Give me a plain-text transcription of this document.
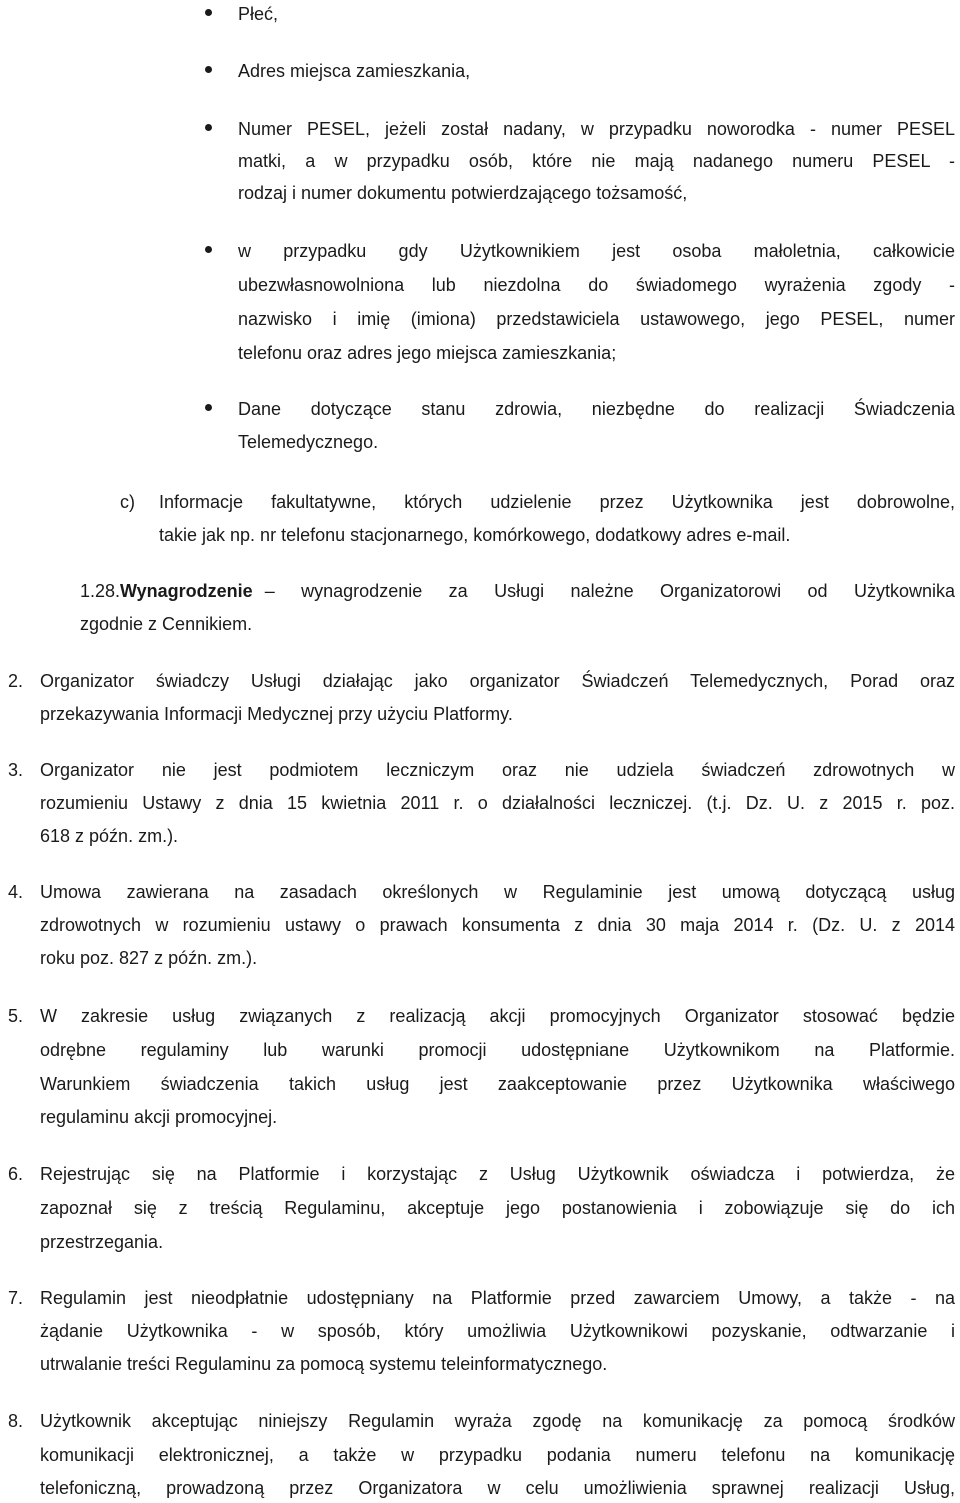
Płeć,
Adres miejsca zamieszkania,
Numer PESEL, jeżeli został nadany, w przypadku noworodka - numer PESEL
matki, a w przypadku osób, które nie mają nadanego numeru PESEL -
rodzaj i numer dokumentu potwierdzającego tożsamość,
w przypadku gdy Użytkownikiem jest osoba małoletnia, całkowicie
ubezwłasnowolniona lub niezdolna do świadomego wyrażenia zgody -
nazwisko i imię (imiona) przedstawiciela ustawowego, jego PESEL, numer
telefonu oraz adres jego miejsca zamieszkania;
Dane dotyczące stanu zdrowia, niezbędne do realizacji Świadczenia
Telemedycznego.
c) Informacje fakultatywne, których udzielenie przez Użytkownika jest dobrowolne,
takie jak np. nr telefonu stacjonarnego, komórkowego, dodatkowy adres e-mail.
1.28. Wynagrodzenie – wynagrodzenie za Usługi należne Organizatorowi od Użytkownika
zgodnie z Cennikiem.
2. Organizator świadczy Usługi działając jako organizator Świadczeń Telemedycznych, Porad oraz
przekazywania Informacji Medycznej przy użyciu Platformy.
3. Organizator nie jest podmiotem leczniczym oraz nie udziela świadczeń zdrowotnych w
rozumieniu Ustawy z dnia 15 kwietnia 2011 r. o działalności leczniczej. (t.j. Dz. U. z 2015 r. poz.
618 z późn. zm.).
4. Umowa zawierana na zasadach określonych w Regulaminie jest umową dotyczącą usług
zdrowotnych w rozumieniu ustawy o prawach konsumenta z dnia 30 maja 2014 r. (Dz. U. z 2014
roku poz. 827 z późn. zm.).
5. W zakresie usług związanych z realizacją akcji promocyjnych Organizator stosować będzie
odrębne regulaminy lub warunki promocji udostępniane Użytkownikom na Platformie.
Warunkiem świadczenia takich usług jest zaakceptowanie przez Użytkownika właściwego
regulaminu akcji promocyjnej.
6. Rejestrując się na Platformie i korzystając z Usług Użytkownik oświadcza i potwierdza, że
zapoznał się z treścią Regulaminu, akceptuje jego postanowienia i zobowiązuje się do ich
przestrzegania.
7. Regulamin jest nieodpłatnie udostępniany na Platformie przed zawarciem Umowy, a także - na
żądanie Użytkownika - w sposób, który umożliwia Użytkownikowi pozyskanie, odtwarzanie i
utrwalanie treści Regulaminu za pomocą systemu teleinformatycznego.
8. Użytkownik akceptując niniejszy Regulamin wyraża zgodę na komunikację za pomocą środków
komunikacji elektronicznej, a także w przypadku podania numeru telefonu na komunikację
telefoniczną, prowadzoną przez Organizatora w celu umożliwienia sprawnej realizacji Usług,
